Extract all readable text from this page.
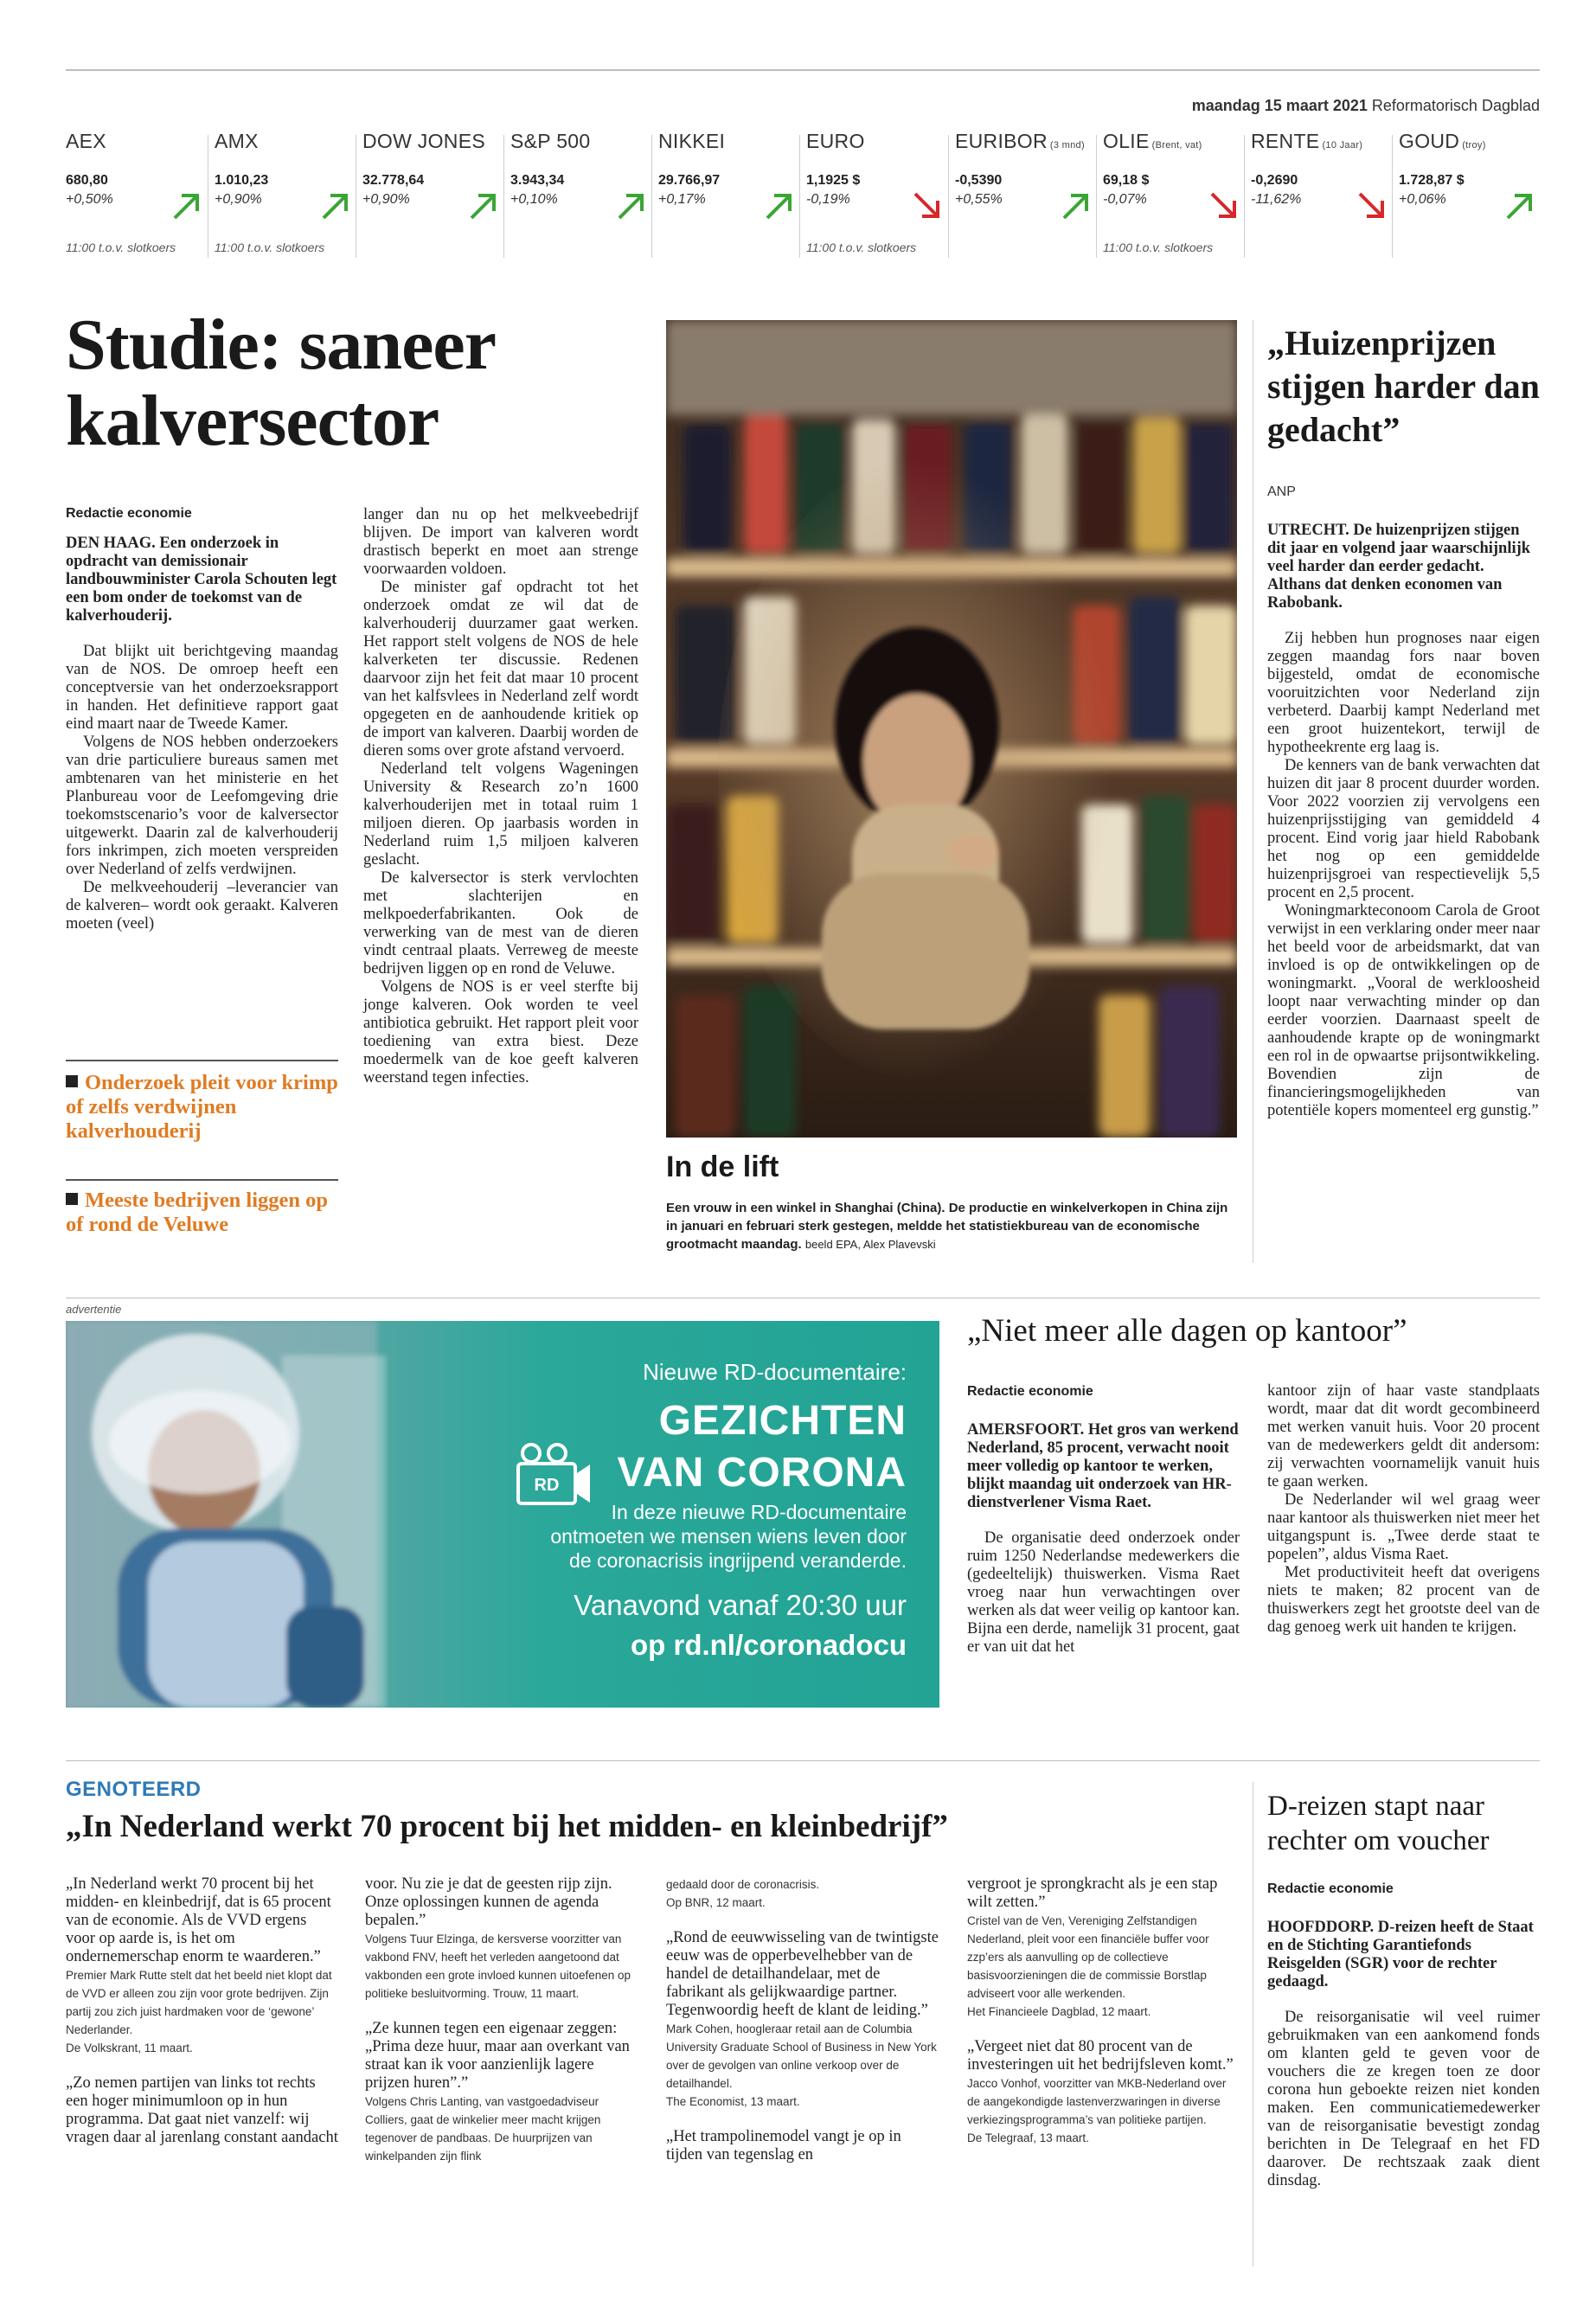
maandag 15 maart 2021 Reformatorisch Dagblad
AEX
680,80
+0,50%
11:00 t.o.v. slotkoers
AMX
1.010,23
+0,90%
11:00 t.o.v. slotkoers
DOW JONES
32.778,64
+0,90%
S&P 500
3.943,34
+0,10%
NIKKEI
29.766,97
+0,17%
EURO
1,1925 $
-0,19%
11:00 t.o.v. slotkoers
EURIBOR (3 mnd)
-0,5390
+0,55%
OLIE (Brent, vat)
69,18 $
-0,07%
11:00 t.o.v. slotkoers
RENTE (10 Jaar)
-0,2690
-11,62%
GOUD (troy)
1.728,87 $
+0,06%
Studie: saneer kalversector
Redactie economie

DEN HAAG. Een onderzoek in opdracht van demissionair landbouwminister Carola Schouten legt een bom onder de toekomst van de kalverhouderij.

Dat blijkt uit berichtgeving maandag van de NOS. De omroep heeft een conceptversie van het onderzoeksrapport in handen. Het definitieve rapport gaat eind maart naar de Tweede Kamer.

Volgens de NOS hebben onderzoekers van drie particuliere bureaus samen met ambtenaren van het ministerie en het Planbureau voor de Leefomgeving drie toekomstscenario’s voor de kalversector uitgewerkt. Daarin zal de kalverhouderij fors inkrimpen, zich moeten verspreiden over Nederland of zelfs verdwijnen.

De melkveehouderij –leverancier van de kalveren– wordt ook geraakt. Kalveren moeten (veel)

Onderzoek pleit voor krimp of zelfs verdwijnen kalverhouderij
Meeste bedrijven liggen op of rond de Veluwe

langer dan nu op het melkveebedrijf blijven. De import van kalveren wordt drastisch beperkt en moet aan strenge voorwaarden voldoen.

De minister gaf opdracht tot het onderzoek omdat ze wil dat de kalverhouderij duurzamer gaat werken. Het rapport stelt volgens de NOS de hele kalverketen ter discussie. Redenen daarvoor zijn het feit dat maar 10 procent van het kalfsvlees in Nederland zelf wordt opgegeten en de aanhoudende kritiek op de import van kalveren. Daarbij worden de dieren soms over grote afstand vervoerd.

Nederland telt volgens Wageningen University & Research zo’n 1600 kalverhouderijen met in totaal ruim 1 miljoen dieren. Op jaarbasis worden in Nederland ruim 1,5 miljoen kalveren geslacht.

De kalversector is sterk vervlochten met slachterijen en melkpoederfabrikanten. Ook de verwerking van de mest van de dieren vindt centraal plaats. Verreweg de meeste bedrijven liggen op en rond de Veluwe.

Volgens de NOS is er veel sterfte bij jonge kalveren. Ook worden te veel antibiotica gebruikt. Het rapport pleit voor toediening van extra biest. Deze moedermelk van de koe geeft kalveren weerstand tegen infecties.

In de lift
Een vrouw in een winkel in Shanghai (China). De productie en winkelverkopen in China zijn in januari en februari sterk gestegen, meldde het statistiekbureau van de economische grootmacht maandag. beeld EPA, Alex Plavevski
„Huizenprijzen stijgen harder dan gedacht”
ANP

UTRECHT. De huizenprijzen stijgen dit jaar en volgend jaar waarschijnlijk veel harder dan eerder gedacht. Althans dat denken economen van Rabobank.

Zij hebben hun prognoses naar eigen zeggen maandag fors naar boven bijgesteld, omdat de economische vooruitzichten voor Nederland zijn verbeterd. Daarbij kampt Nederland met een groot huizentekort, terwijl de hypotheekrente erg laag is.

De kenners van de bank verwachten dat huizen dit jaar 8 procent duurder worden. Voor 2022 voorzien zij vervolgens een huizenprijsstijging van gemiddeld 4 procent. Eind vorig jaar hield Rabobank het nog op een gemiddelde huizenprijsgroei van respectievelijk 5,5 procent en 2,5 procent.

Woningmarkteconoom Carola de Groot verwijst in een verklaring onder meer naar het beeld voor de arbeidsmarkt, dat van invloed is op de ontwikkelingen op de woningmarkt. „Vooral de werkloosheid loopt naar verwachting minder op dan eerder voorzien. Daarnaast speelt de aanhoudende krapte op de woningmarkt een rol in de opwaartse prijsontwikkeling. Bovendien zijn de financieringsmogelijkheden van potentiële kopers momenteel erg gunstig.”

advertentie
RD
Nieuwe RD-documentaire:
GEZICHTEN
VAN CORONA
In deze nieuwe RD-documentaire
ontmoeten we mensen wiens leven door
de coronacrisis ingrijpend veranderde.
Vanavond vanaf 20:30 uur
op rd.nl/coronadocu
„Niet meer alle dagen op kantoor”
Redactie economie

AMERSFOORT. Het gros van werkend Nederland, 85 procent, verwacht nooit meer volledig op kantoor te werken, blijkt maandag uit onderzoek van HR-dienstverlener Visma Raet.

De organisatie deed onderzoek onder ruim 1250 Nederlandse medewerkers die (gedeeltelijk) thuiswerken. Visma Raet vroeg naar hun verwachtingen over werken als dat weer veilig op kantoor kan. Bijna een derde, namelijk 31 procent, gaat er van uit dat het

kantoor zijn of haar vaste standplaats wordt, maar dat dit wordt gecombineerd met werken vanuit huis. Voor 20 procent van de medewerkers geldt dit andersom: zij verwachten voornamelijk vanuit huis te gaan werken.

De Nederlander wil wel graag weer naar kantoor als thuiswerken niet meer het uitgangspunt is. „Twee derde staat te popelen”, aldus Visma Raet.

Met productiviteit heeft dat overigens niets te maken; 82 procent van de thuiswerkers zegt het grootste deel van de dag genoeg werk uit handen te krijgen.

GENOTEERD
„In Nederland werkt 70 procent bij het midden- en kleinbedrijf”
„In Nederland werkt 70 procent bij het midden- en kleinbedrijf, dat is 65 procent van de economie. Als de VVD ergens voor op aarde is, is het om ondernemerschap enorm te waarderen.”
Premier Mark Rutte stelt dat het beeld niet klopt dat de VVD er alleen zou zijn voor grote bedrijven. Zijn partij zou zich juist hardmaken voor de ‘gewone’ Nederlander.
De Volkskrant, 11 maart.
„Zo nemen partijen van links tot rechts een hoger minimumloon op in hun programma. Dat gaat niet vanzelf: wij vragen daar al jarenlang constant aandacht
voor. Nu zie je dat de geesten rijp zijn. Onze oplossingen kunnen de agenda bepalen.”
Volgens Tuur Elzinga, de kersverse voorzitter van vakbond FNV, heeft het verleden aangetoond dat vakbonden een grote invloed kunnen uitoefenen op politieke besluitvorming. Trouw, 11 maart.
„Ze kunnen tegen een eigenaar zeggen: „Prima deze huur, maar aan overkant van straat kan ik voor aanzienlijk lagere prijzen huren”.”
Volgens Chris Lanting, van vastgoedadviseur Colliers, gaat de winkelier meer macht krijgen tegenover de pandbaas. De huurprijzen van winkelpanden zijn flink
gedaald door de coronacrisis.
Op BNR, 12 maart.
„Rond de eeuwwisseling van de twintigste eeuw was de opperbevelhebber van de handel de detailhandelaar, met de fabrikant als gelijkwaardige partner. Tegenwoordig heeft de klant de leiding.”
Mark Cohen, hoogleraar retail aan de Columbia University Graduate School of Business in New York over de gevolgen van online verkoop over de detailhandel.
The Economist, 13 maart.
„Het trampolinemodel vangt je op in tijden van tegenslag en
vergroot je sprongkracht als je een stap wilt zetten.”
Cristel van de Ven, Vereniging Zelfstandigen Nederland, pleit voor een financiële buffer voor zzp’ers als aanvulling op de collectieve basisvoorzieningen die de commissie Borstlap adviseert voor alle werkenden.
Het Financieele Dagblad, 12 maart.
„Vergeet niet dat 80 procent van de investeringen uit het bedrijfsleven komt.”
Jacco Vonhof, voorzitter van MKB-Nederland over de aangekondigde lastenverzwaringen in diverse verkiezingsprogramma’s van politieke partijen.
De Telegraaf, 13 maart.
D-reizen stapt naar rechter om voucher
Redactie economie

HOOFDDORP. D-reizen heeft de Staat en de Stichting Garantiefonds Reisgelden (SGR) voor de rechter gedaagd.

De reisorganisatie wil veel ruimer gebruikmaken van een aankomend fonds om klanten geld te geven voor de vouchers die ze kregen toen ze door corona hun geboekte reizen niet konden maken. Een communicatiemedewerker van de reisorganisatie bevestigt zondag berichten in De Telegraaf en het FD daarover. De rechtszaak zaak dient dinsdag.
